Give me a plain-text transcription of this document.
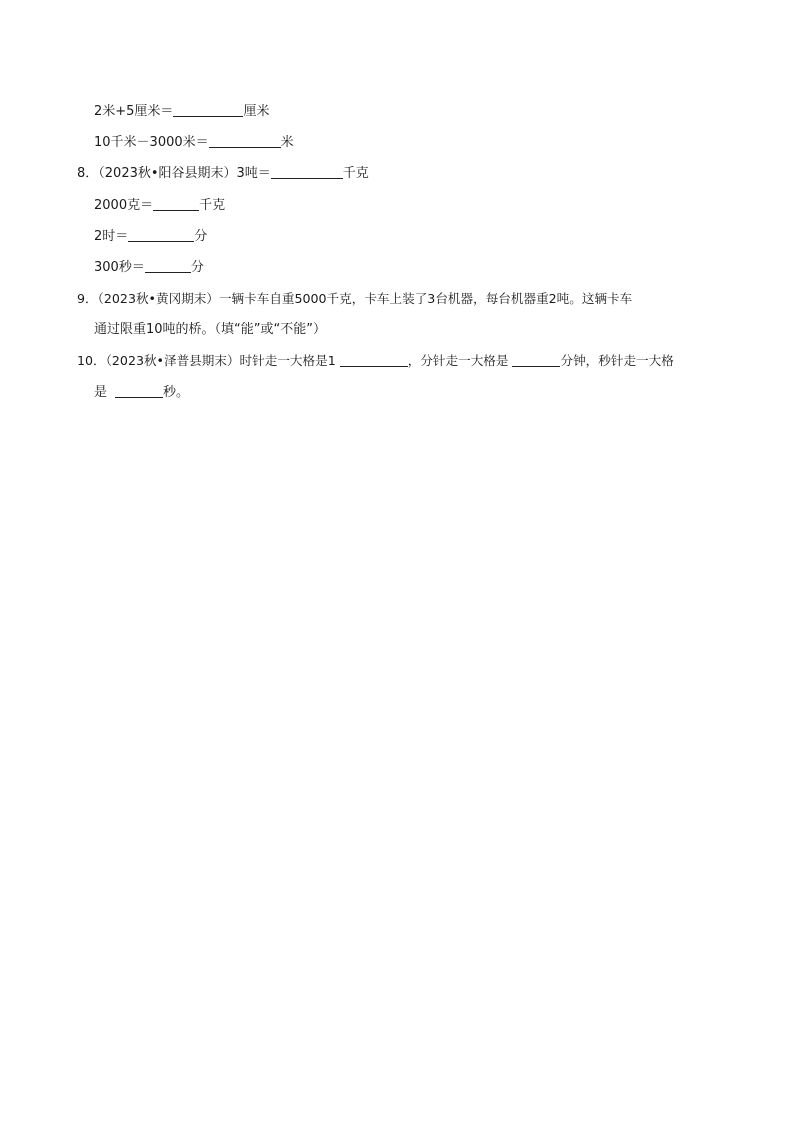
2米+5厘米＝	厘米
10千米－3000米＝	米
8．（2023秋•阳谷县期末）3吨＝	千克
2000克＝	千克
2时＝	分
300秒＝	分
9．（2023秋•黄冈期末）一辆卡车自重5000千克，卡车上装了3台机器，每台机器重2吨。这辆卡车
通过限重10吨的桥。（填“能”或“不能”）
10．（2023秋•泽普县期末）时针走一大格是1	，分针走一大格是	分钟，秒针走一大格
是	秒。
